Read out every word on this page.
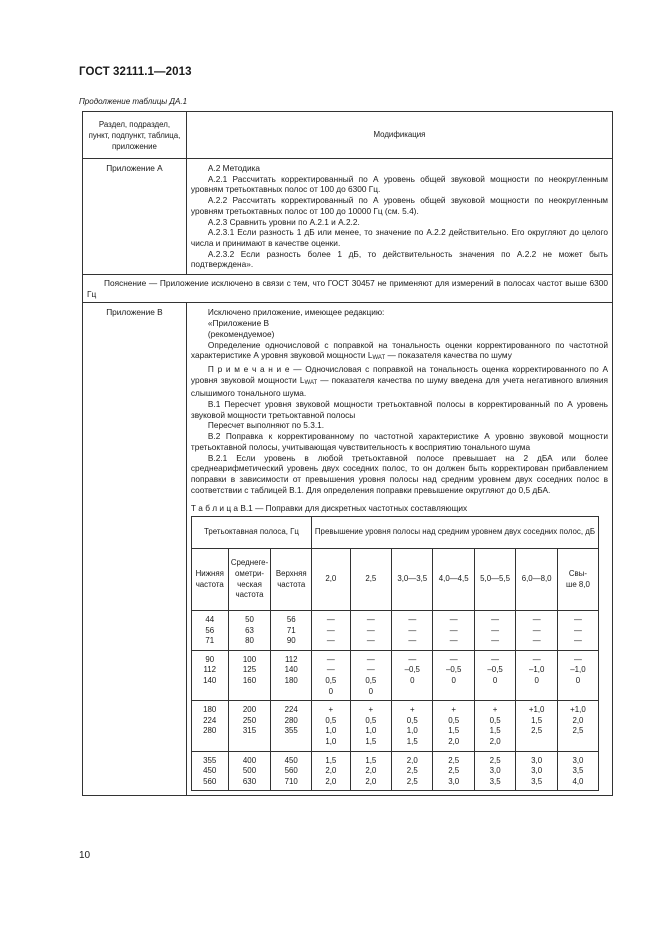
ГОСТ 32111.1—2013
Продолжение таблицы ДА.1
Раздел, подраздел,
пункт, подпункт, таблица,
приложение
	Модификация
Приложение А	А.2 Методика

А.2.1 Рассчитать корректированный по А уровень общей звуковой мощности по неокругленным уровням третьоктавных полос от 100 до 6300 Гц.

А.2.2 Рассчитать корректированный по А уровень общей звуковой мощности по неокругленным уровням третьоктавных полос от 100 до 10000 Гц (см. 5.4).

А.2.3 Сравнить уровни по А.2.1 и А.2.2.

А.2.3.1 Если разность 1 дБ или менее, то значение по А.2.2 действительно. Его округляют до целого числа и принимают в качестве оценки.

А.2.3.2 Если разность более 1 дБ, то действительность значения по А.2.2 не может быть подтверждена».

Пояснение — Приложение исключено в связи с тем, что ГОСТ 30457 не применяют для измерений в полосах частот выше 6300 Гц

Приложение В	Исключено приложение, имеющее редакцию:

«Приложение В

(рекомендуемое)

Определение одночисловой с поправкой на тональность оценки корректированного по частотной характеристике А уровня звуковой мощности LWAT — показателя качества по шуму

П р и м е ч а н и е — Одночисловая с поправкой на тональность оценка корректированного по А уровня звуковой мощности LWAT — показателя качества по шуму введена для учета негативного влияния слышимого тонального шума.

В.1 Пересчет уровня звуковой мощности третьоктавной полосы в корректированный по А уровень звуковой мощности третьоктавной полосы

Пересчет выполняют по 5.3.1.

В.2 Поправка к корректированному по частотной характеристике А уровню звуковой мощности третьоктавной полосы, учитывающая чувствительность к восприятию тонального шума

В.2.1 Если уровень в любой третьоктавной полосе превышает на 2 дБА или более среднеарифметический уровень двух соседних полос, то он должен быть корректирован прибавлением поправки в зависимости от превышения уровня полосы над средним уровнем двух соседних полос в соответствии с таблицей В.1. Для определения поправки превышение округляют до 0,5 дБА.

Т а б л и ц а В.1 — Поправки для дискретных частотных составляющих
Третьоктавная полоса, Гц	Превышение уровня полосы над средним уровнем двух соседних полос, дБ
Нижняя
частота	Среднеге-
ометри-
ческая
частота	Верхняя
частота	2,0	2,5	3,0—3,5	4,0—4,5	5,0—5,5	6,0—8,0	Свы-
ше 8,0
44
56
71	50
63
80	56
71
90	—
—
—	—
—
—	—
—
—	—
—
—	—
—
—	—
—
—	—
—
—
90
112
140	100
125
160	112
140
180	—
—
0,5
0	—
—
0,5
0	—
–0,5
0	—
–0,5
0	—
–0,5
0	—
–1,0
0	—
–1,0
0
180
224
280	200
250
315	224
280
355	+
0,5
1,0
1,0	+
0,5
1,0
1,5	+
0,5
1,0
1,5	+
0,5
1,5
2,0	+
0,5
1,5
2,0	+1,0
1,5
2,5	+1,0
2,0
2,5
355
450
560	400
500
630	450
560
710	1,5
2,0
2,0	1,5
2,0
2,0	2,0
2,5
2,5	2,5
2,5
3,0	2,5
3,0
3,5	3,0
3,0
3,5	3,0
3,5
4,0
10
